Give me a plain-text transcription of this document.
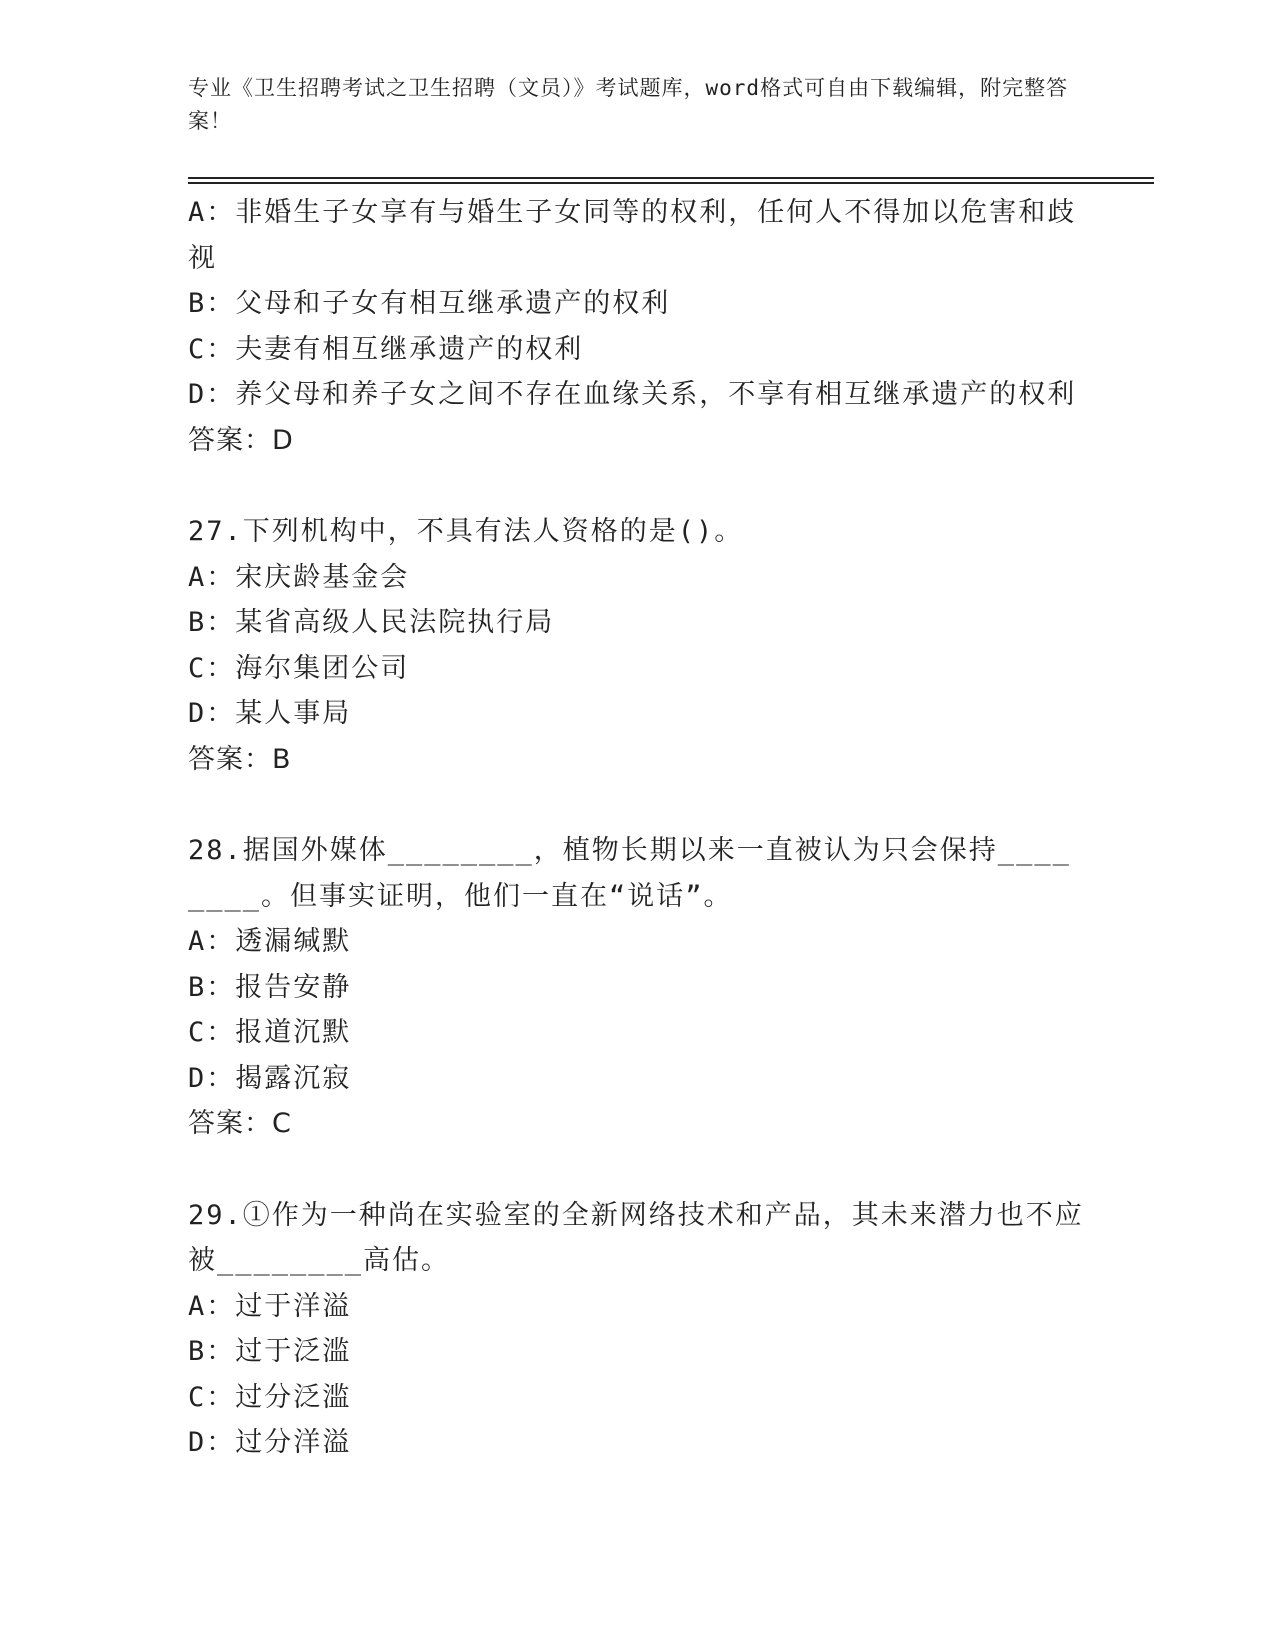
专业《卫生招聘考试之卫生招聘（文员）》考试题库，word格式可自由下载编辑，附完整答案！
A：非婚生子女享有与婚生子女同等的权利，任何人不得加以危害和歧视
B：父母和子女有相互继承遗产的权利
C：夫妻有相互继承遗产的权利
D：养父母和养子女之间不存在血缘关系，不享有相互继承遗产的权利
答案：D
27.下列机构中，不具有法人资格的是()。
A：宋庆龄基金会
B：某省高级人民法院执行局
C：海尔集团公司
D：某人事局
答案：B
28.据国外媒体________，植物长期以来一直被认为只会保持________。但事实证明，他们一直在“说话”。
A：透漏缄默
B：报告安静
C：报道沉默
D：揭露沉寂
答案：C
29.①作为一种尚在实验室的全新网络技术和产品，其未来潜力也不应被________高估。
A：过于洋溢
B：过于泛滥
C：过分泛滥
D：过分洋溢
